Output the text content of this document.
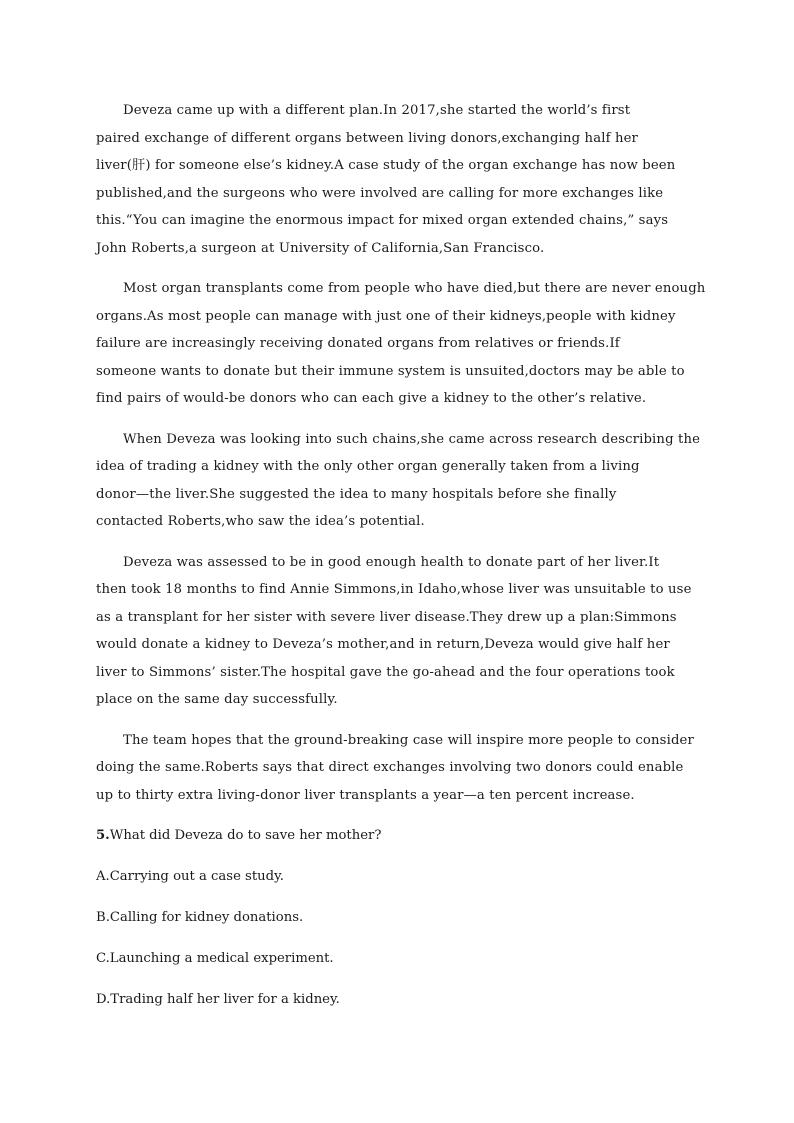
Deveza came up with a different plan.In 2017,she started the world’s first
paired exchange of different organs between living donors,exchanging half her
liver(肝) for someone else’s kidney.A case study of the organ exchange has now been
published,and the surgeons who were involved are calling for more exchanges like
this.“You can imagine the enormous impact for mixed organ extended chains,” says
John Roberts,a surgeon at University of California,San Francisco.
Most organ transplants come from people who have died,but there are never enough
organs.As most people can manage with just one of their kidneys,people with kidney
failure are increasingly receiving donated organs from relatives or friends.If
someone wants to donate but their immune system is unsuited,doctors may be able to
find pairs of would-be donors who can each give a kidney to the other’s relative.
When Deveza was looking into such chains,she came across research describing the
idea of trading a kidney with the only other organ generally taken from a living
donor—the liver.She suggested the idea to many hospitals before she finally
contacted Roberts,who saw the idea’s potential.
Deveza was assessed to be in good enough health to donate part of her liver.It
then took 18 months to find Annie Simmons,in Idaho,whose liver was unsuitable to use
as a transplant for her sister with severe liver disease.They drew up a plan:Simmons
would donate a kidney to Deveza’s mother,and in return,Deveza would give half her
liver to Simmons’ sister.The hospital gave the go-ahead and the four operations took
place on the same day successfully.
The team hopes that the ground-breaking case will inspire more people to consider
doing the same.Roberts says that direct exchanges involving two donors could enable
up to thirty extra living-donor liver transplants a year—a ten percent increase.
5.What did Deveza do to save her mother?
A.Carrying out a case study.
B.Calling for kidney donations.
C.Launching a medical experiment.
D.Trading half her liver for a kidney.
